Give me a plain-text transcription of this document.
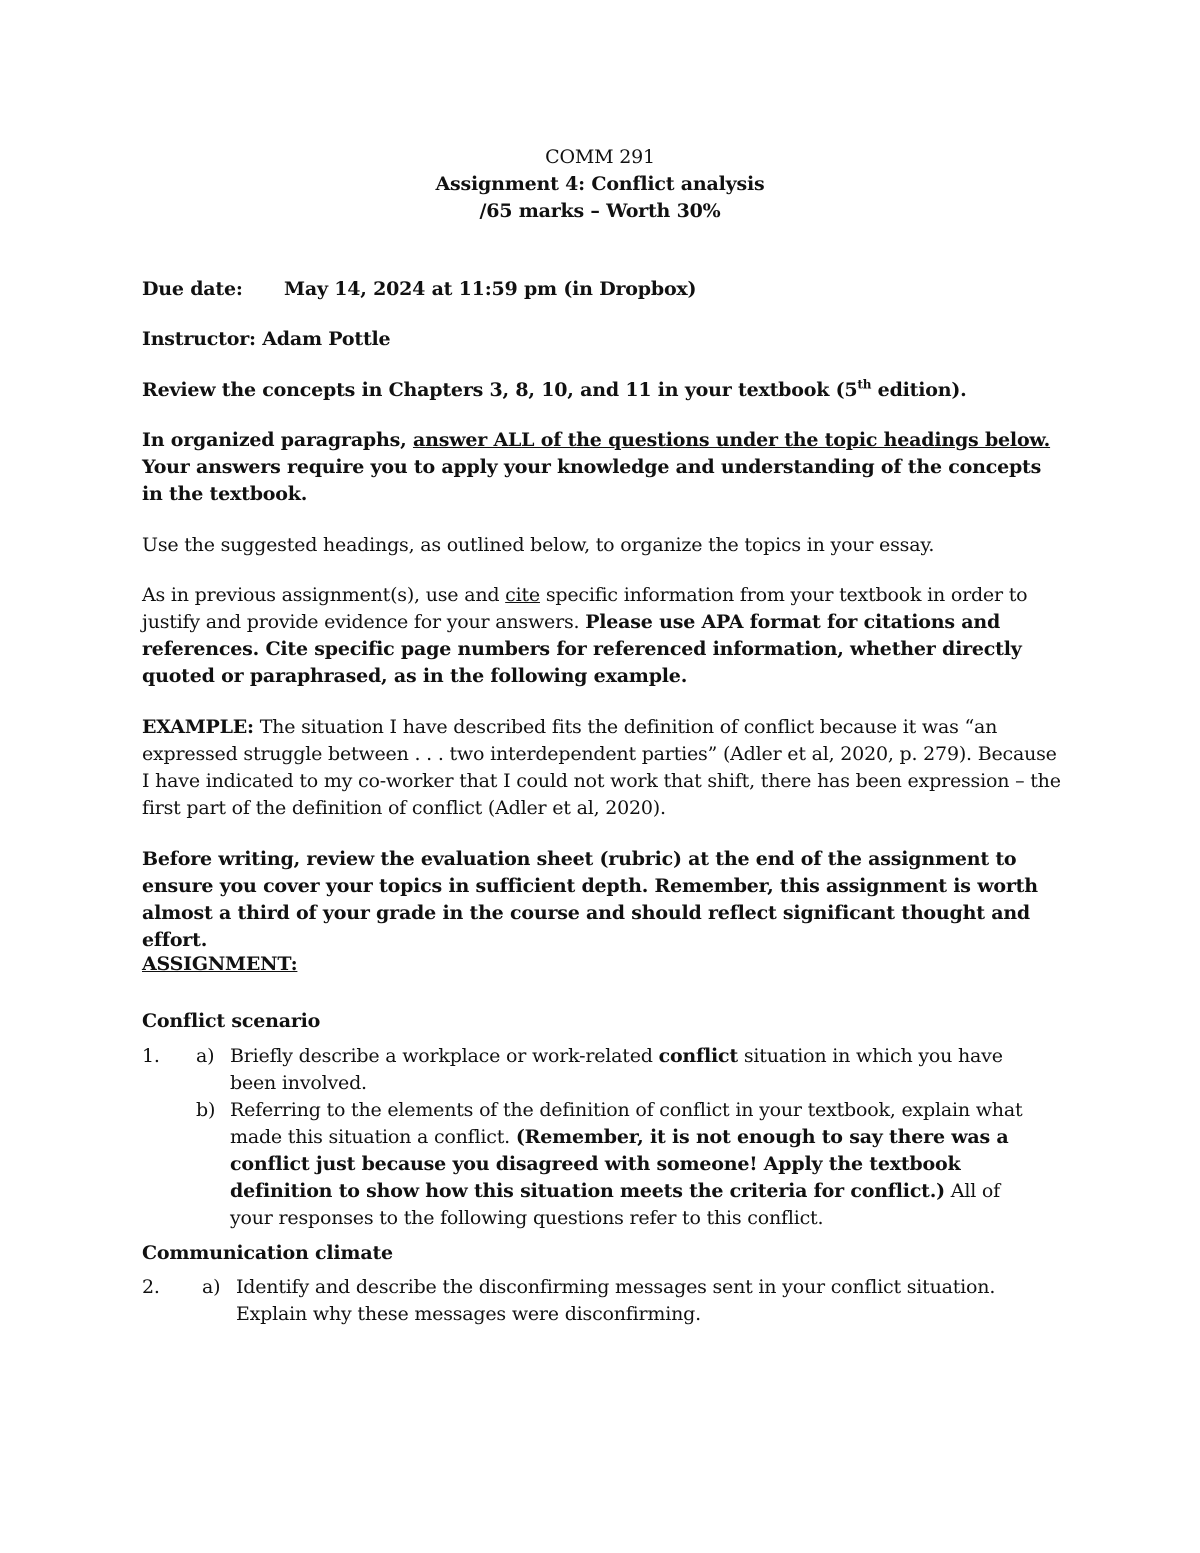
COMM 291
Assignment 4: Conflict analysis
/65 marks – Worth 30%
Due date: May 14, 2024 at 11:59 pm (in Dropbox)
Instructor: Adam Pottle
Review the concepts in Chapters 3, 8, 10, and 11 in your textbook (5th edition).
In organized paragraphs, answer ALL of the questions under the topic headings below. Your answers require you to apply your knowledge and understanding of the concepts in the textbook.
Use the suggested headings, as outlined below, to organize the topics in your essay.
As in previous assignment(s), use and cite specific information from your textbook in order to justify and provide evidence for your answers. Please use APA format for citations and references. Cite specific page numbers for referenced information, whether directly quoted or paraphrased, as in the following example.
EXAMPLE: The situation I have described fits the definition of conflict because it was “an expressed struggle between . . . two interdependent parties” (Adler et al, 2020, p. 279). Because I have indicated to my co-worker that I could not work that shift, there has been expression – the first part of the definition of conflict (Adler et al, 2020).
Before writing, review the evaluation sheet (rubric) at the end of the assignment to ensure you cover your topics in sufficient depth. Remember, this assignment is worth almost a third of your grade in the course and should reflect significant thought and effort.
ASSIGNMENT:
Conflict scenario
1. a) Briefly describe a workplace or work-related conflict situation in which you have been involved.
b) Referring to the elements of the definition of conflict in your textbook, explain what made this situation a conflict. (Remember, it is not enough to say there was a conflict just because you disagreed with someone! Apply the textbook definition to show how this situation meets the criteria for conflict.) All of your responses to the following questions refer to this conflict.
Communication climate
2. a) Identify and describe the disconfirming messages sent in your conflict situation. Explain why these messages were disconfirming.
